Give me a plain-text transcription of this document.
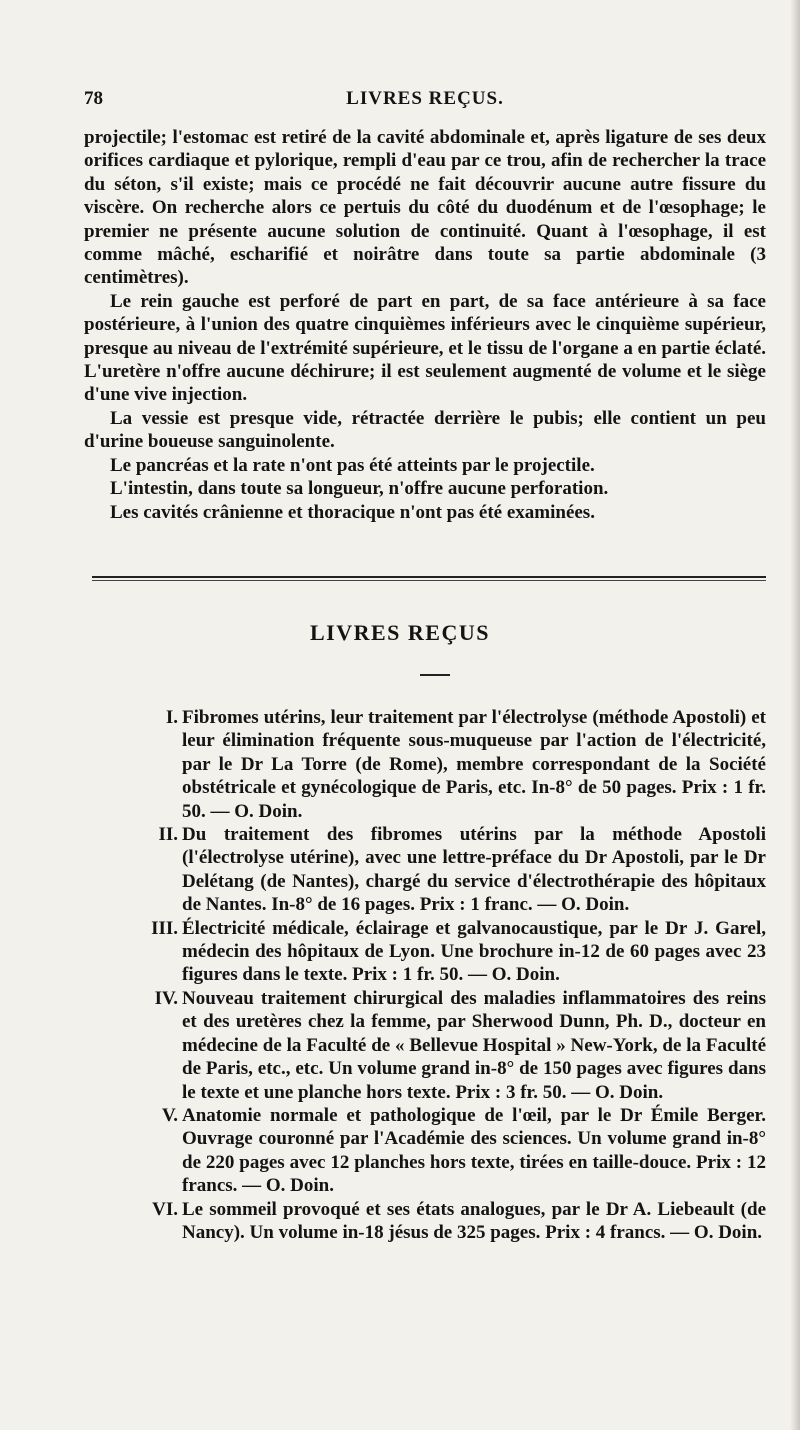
78	LIVRES REÇUS.

projectile; l'estomac est retiré de la cavité abdominale et, après ligature de ses deux orifices cardiaque et pylorique, rempli d'eau par ce trou, afin de rechercher la trace du séton, s'il existe; mais ce procédé ne fait découvrir aucune autre fissure du viscère. On recherche alors ce pertuis du côté du duodénum et de l'œsophage; le premier ne présente aucune solution de continuité. Quant à l'œsophage, il est comme mâché, escharifié et noirâtre dans toute sa partie abdominale (3 centimètres).

Le rein gauche est perforé de part en part, de sa face antérieure à sa face postérieure, à l'union des quatre cinquièmes inférieurs avec le cinquième supérieur, presque au niveau de l'extrémité supérieure, et le tissu de l'organe a en partie éclaté. L'uretère n'offre aucune déchirure; il est seulement augmenté de volume et le siège d'une vive injection.

La vessie est presque vide, rétractée derrière le pubis; elle contient un peu d'urine boueuse sanguinolente.

Le pancréas et la rate n'ont pas été atteints par le projectile.

L'intestin, dans toute sa longueur, n'offre aucune perforation.

Les cavités crânienne et thoracique n'ont pas été examinées.

LIVRES REÇUS
I. Fibromes utérins, leur traitement par l'électrolyse (méthode Apostoli) et leur élimination fréquente sous-muqueuse par l'action de l'électricité, par le Dr La Torre (de Rome), membre correspondant de la Société obstétricale et gynécologique de Paris, etc. In-8° de 50 pages. Prix : 1 fr. 50. — O. Doin.
II. Du traitement des fibromes utérins par la méthode Apostoli (l'électrolyse utérine), avec une lettre-préface du Dr Apostoli, par le Dr Delétang (de Nantes), chargé du service d'électrothérapie des hôpitaux de Nantes. In-8° de 16 pages. Prix : 1 franc. — O. Doin.
III. Électricité médicale, éclairage et galvanocaustique, par le Dr J. Garel, médecin des hôpitaux de Lyon. Une brochure in-12 de 60 pages avec 23 figures dans le texte. Prix : 1 fr. 50. — O. Doin.
IV. Nouveau traitement chirurgical des maladies inflammatoires des reins et des uretères chez la femme, par Sherwood Dunn, Ph. D., docteur en médecine de la Faculté de « Bellevue Hospital » New-York, de la Faculté de Paris, etc., etc. Un volume grand in-8° de 150 pages avec figures dans le texte et une planche hors texte. Prix : 3 fr. 50. — O. Doin.
V. Anatomie normale et pathologique de l'œil, par le Dr Émile Berger. Ouvrage couronné par l'Académie des sciences. Un volume grand in-8° de 220 pages avec 12 planches hors texte, tirées en taille-douce. Prix : 12 francs. — O. Doin.
VI. Le sommeil provoqué et ses états analogues, par le Dr A. Liebeault (de Nancy). Un volume in-18 jésus de 325 pages. Prix : 4 francs. — O. Doin.
